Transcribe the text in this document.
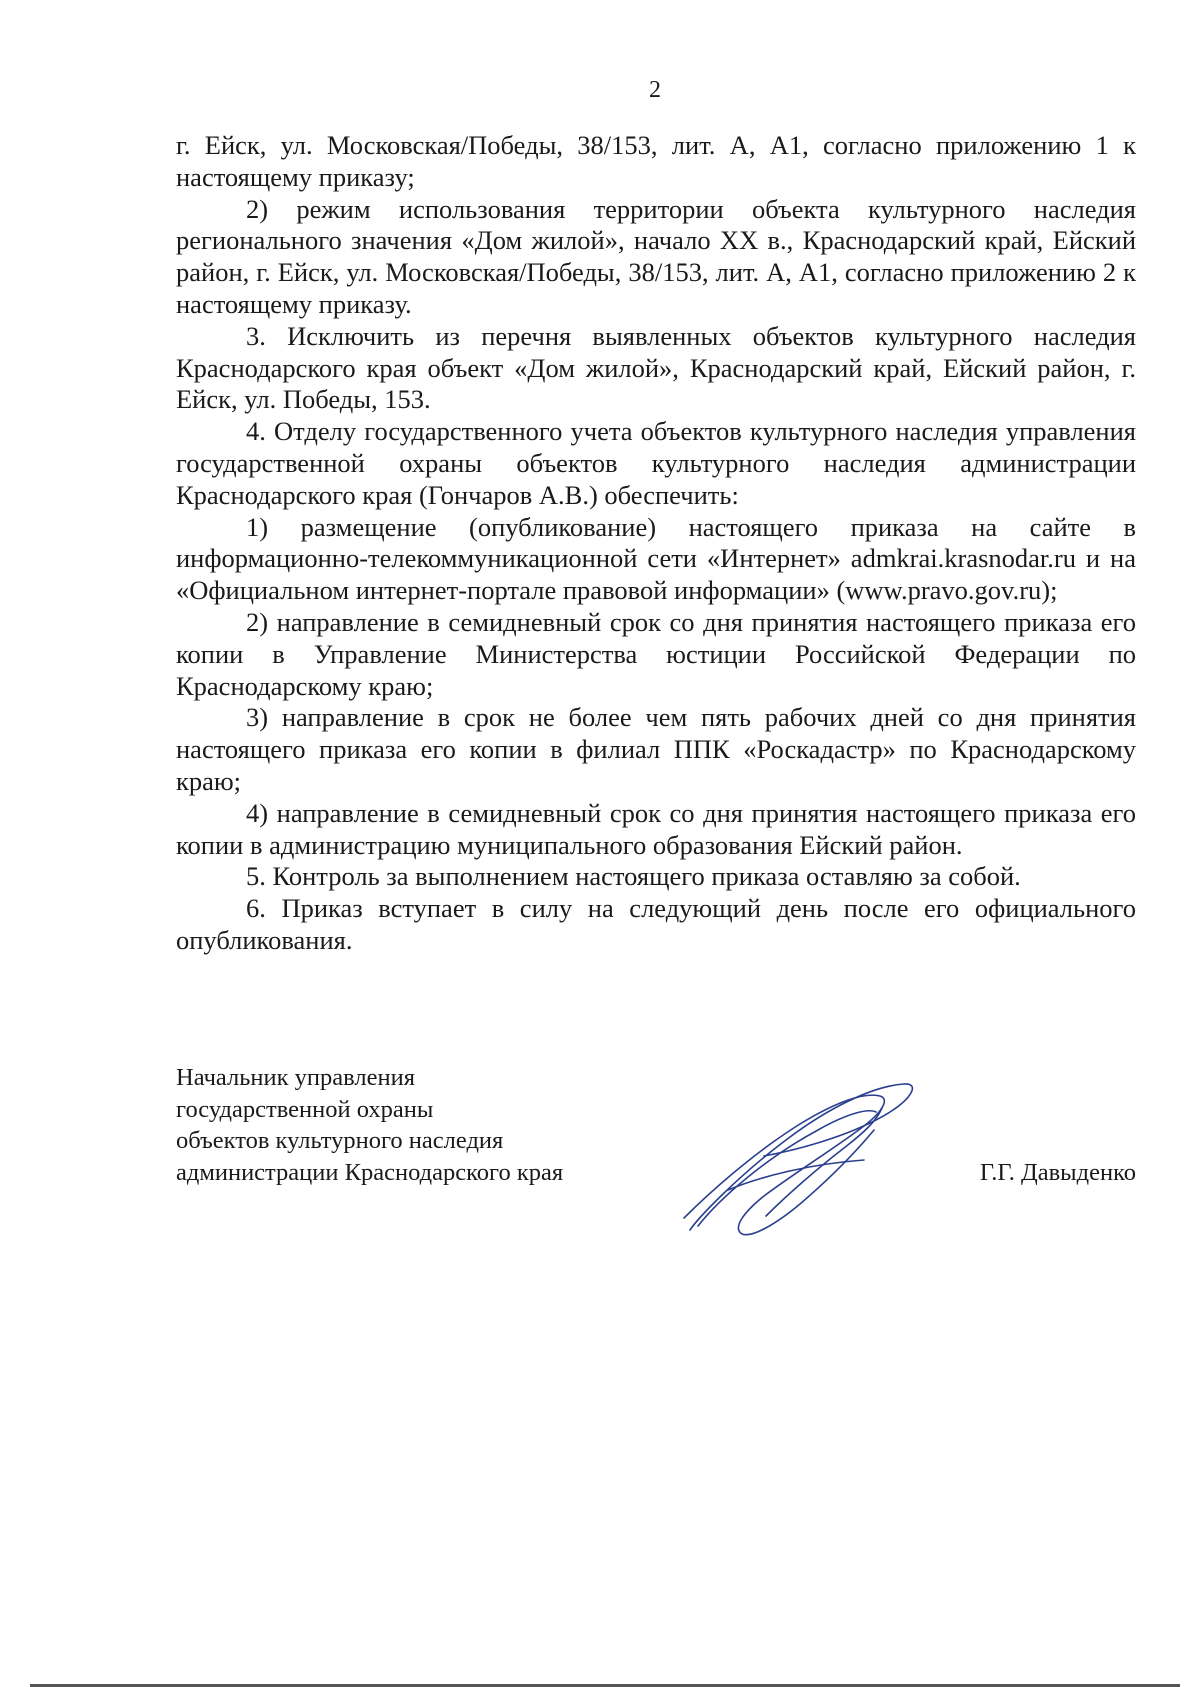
2

г. Ейск, ул. Московская/Победы, 38/153, лит. А, А1, согласно приложению 1 к настоящему приказу;

2) режим использования территории объекта культурного наследия регионального значения «Дом жилой», начало XX в., Краснодарский край, Ейский район, г. Ейск, ул. Московская/Победы, 38/153, лит. А, А1, согласно приложению 2 к настоящему приказу.

3. Исключить из перечня выявленных объектов культурного наследия Краснодарского края объект «Дом жилой», Краснодарский край, Ейский район, г. Ейск, ул. Победы, 153.

4. Отделу государственного учета объектов культурного наследия управления государственной охраны объектов культурного наследия администрации Краснодарского края (Гончаров А.В.) обеспечить:

1) размещение (опубликование) настоящего приказа на сайте в информационно-телекоммуникационной сети «Интернет» admkrai.krasnodar.ru и на «Официальном интернет-портале правовой информации» (www.pravo.gov.ru);

2) направление в семидневный срок со дня принятия настоящего приказа его копии в Управление Министерства юстиции Российской Федерации по Краснодарскому краю;

3) направление в срок не более чем пять рабочих дней со дня принятия настоящего приказа его копии в филиал ППК «Роскадастр» по Краснодарскому краю;

4) направление в семидневный срок со дня принятия настоящего приказа его копии в администрацию муниципального образования Ейский район.

5. Контроль за выполнением настоящего приказа оставляю за собой.

6. Приказ вступает в силу на следующий день после его официального опубликования.

Начальник управления
государственной охраны
объектов культурного наследия
администрации Краснодарского края	Г.Г. Давыденко
